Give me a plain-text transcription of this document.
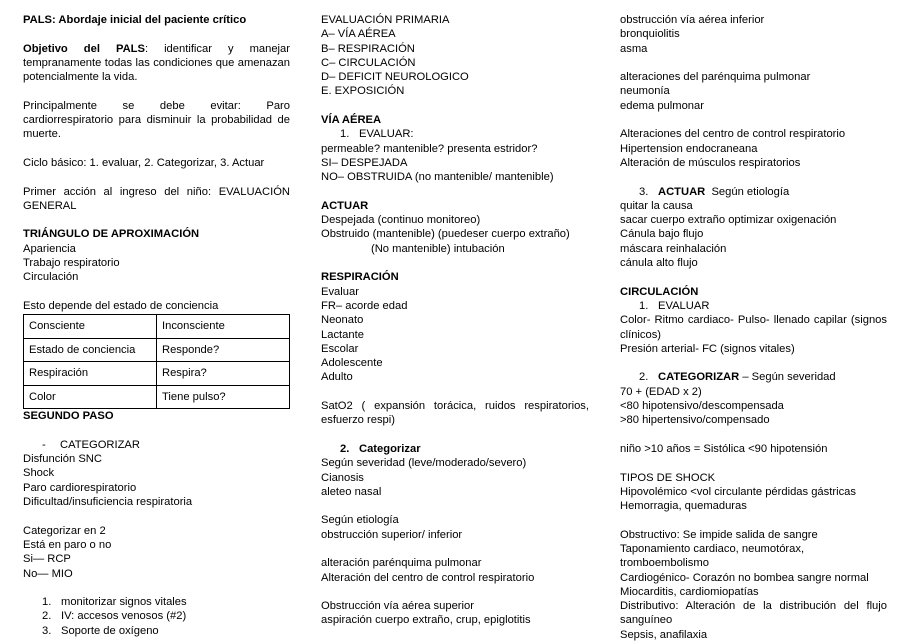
PALS: Abordaje inicial del paciente crítico

Objetivo del PALS: identificar y manejar tempranamente todas las condiciones que amenazan potencialmente la vida.

Principalmente se debe evitar: Paro cardiorrespiratorio para disminuir la probabilidad de muerte.

Ciclo básico: 1. evaluar, 2. Categorizar, 3. Actuar

Primer acción al ingreso del niño: EVALUACIÓN GENERAL

TRIÁNGULO DE APROXIMACIÓN

Apariencia

Trabajo respiratorio

Circulación

Esto depende del estado de conciencia

Consciente	Inconsciente
Estado de conciencia	Responde?
Respiración	Respira?
Color	Tiene pulso?

SEGUNDO PASO

- CATEGORIZAR

Disfunción SNC

Shock

Paro cardiorespiratorio

Dificultad/insuficiencia respiratoria

Categorizar en 2

Está en paro o no

Si— RCP

No— MIO

1. monitorizar signos vitales

2. IV: accesos venosos (#2)

3. Soporte de oxígeno

EVALUACIÓN PRIMARIA

A– VÍA AÉREA

B– RESPIRACIÓN

C– CIRCULACIÓN

D– DEFICIT NEUROLOGICO

E. EXPOSICIÓN

VÍA AÉREA

1. EVALUAR:

permeable? mantenible? presenta estridor?

SI– DESPEJADA

NO– OBSTRUIDA (no mantenible/ mantenible)

ACTUAR

Despejada (continuo monitoreo)

Obstruido (mantenible) (puedeser cuerpo extraño)

(No mantenible) intubación

RESPIRACIÓN

Evaluar

FR– acorde edad

Neonato

Lactante

Escolar

Adolescente

Adulto

SatO2 ( expansión torácica, ruidos respiratorios, esfuerzo respi)

2. Categorizar

Según severidad (leve/moderado/severo)

Cianosis

aleteo nasal

Según etiología

obstrucción superior/ inferior

alteración parénquima pulmonar

Alteración del centro de control respiratorio

Obstrucción vía aérea superior

aspiración cuerpo extraño, crup, epiglotitis

obstrucción vía aérea inferior

bronquiolitis

asma

alteraciones del parénquima pulmonar

neumonía

edema pulmonar

Alteraciones del centro de control respiratorio

Hipertension endocraneana

Alteración de músculos respiratorios

3. ACTUAR  Según etiología

quitar la causa

sacar cuerpo extraño optimizar oxigenación

Cánula bajo flujo

máscara reinhalación

cánula alto flujo

CIRCULACIÓN

1. EVALUAR

Color- Ritmo cardiaco- Pulso- llenado capilar (signos clínicos)

Presión arterial- FC (signos vitales)

2. CATEGORIZAR – Según severidad

70 + (EDAD x 2)

<80 hipotensivo/descompensada

>80 hipertensivo/compensado

niño >10 años = Sistólica <90 hipotensión

TIPOS DE SHOCK

Hipovolémico <vol circulante pérdidas gástricas

Hemorragia, quemaduras

Obstructivo: Se impide salida de sangre

Taponamiento cardiaco, neumotórax, tromboembolismo

Cardiogénico- Corazón no bombea sangre normal

Miocarditis, cardiomiopatías

Distributivo: Alteración de la distribución del flujo sanguíneo

Sepsis, anafilaxia
